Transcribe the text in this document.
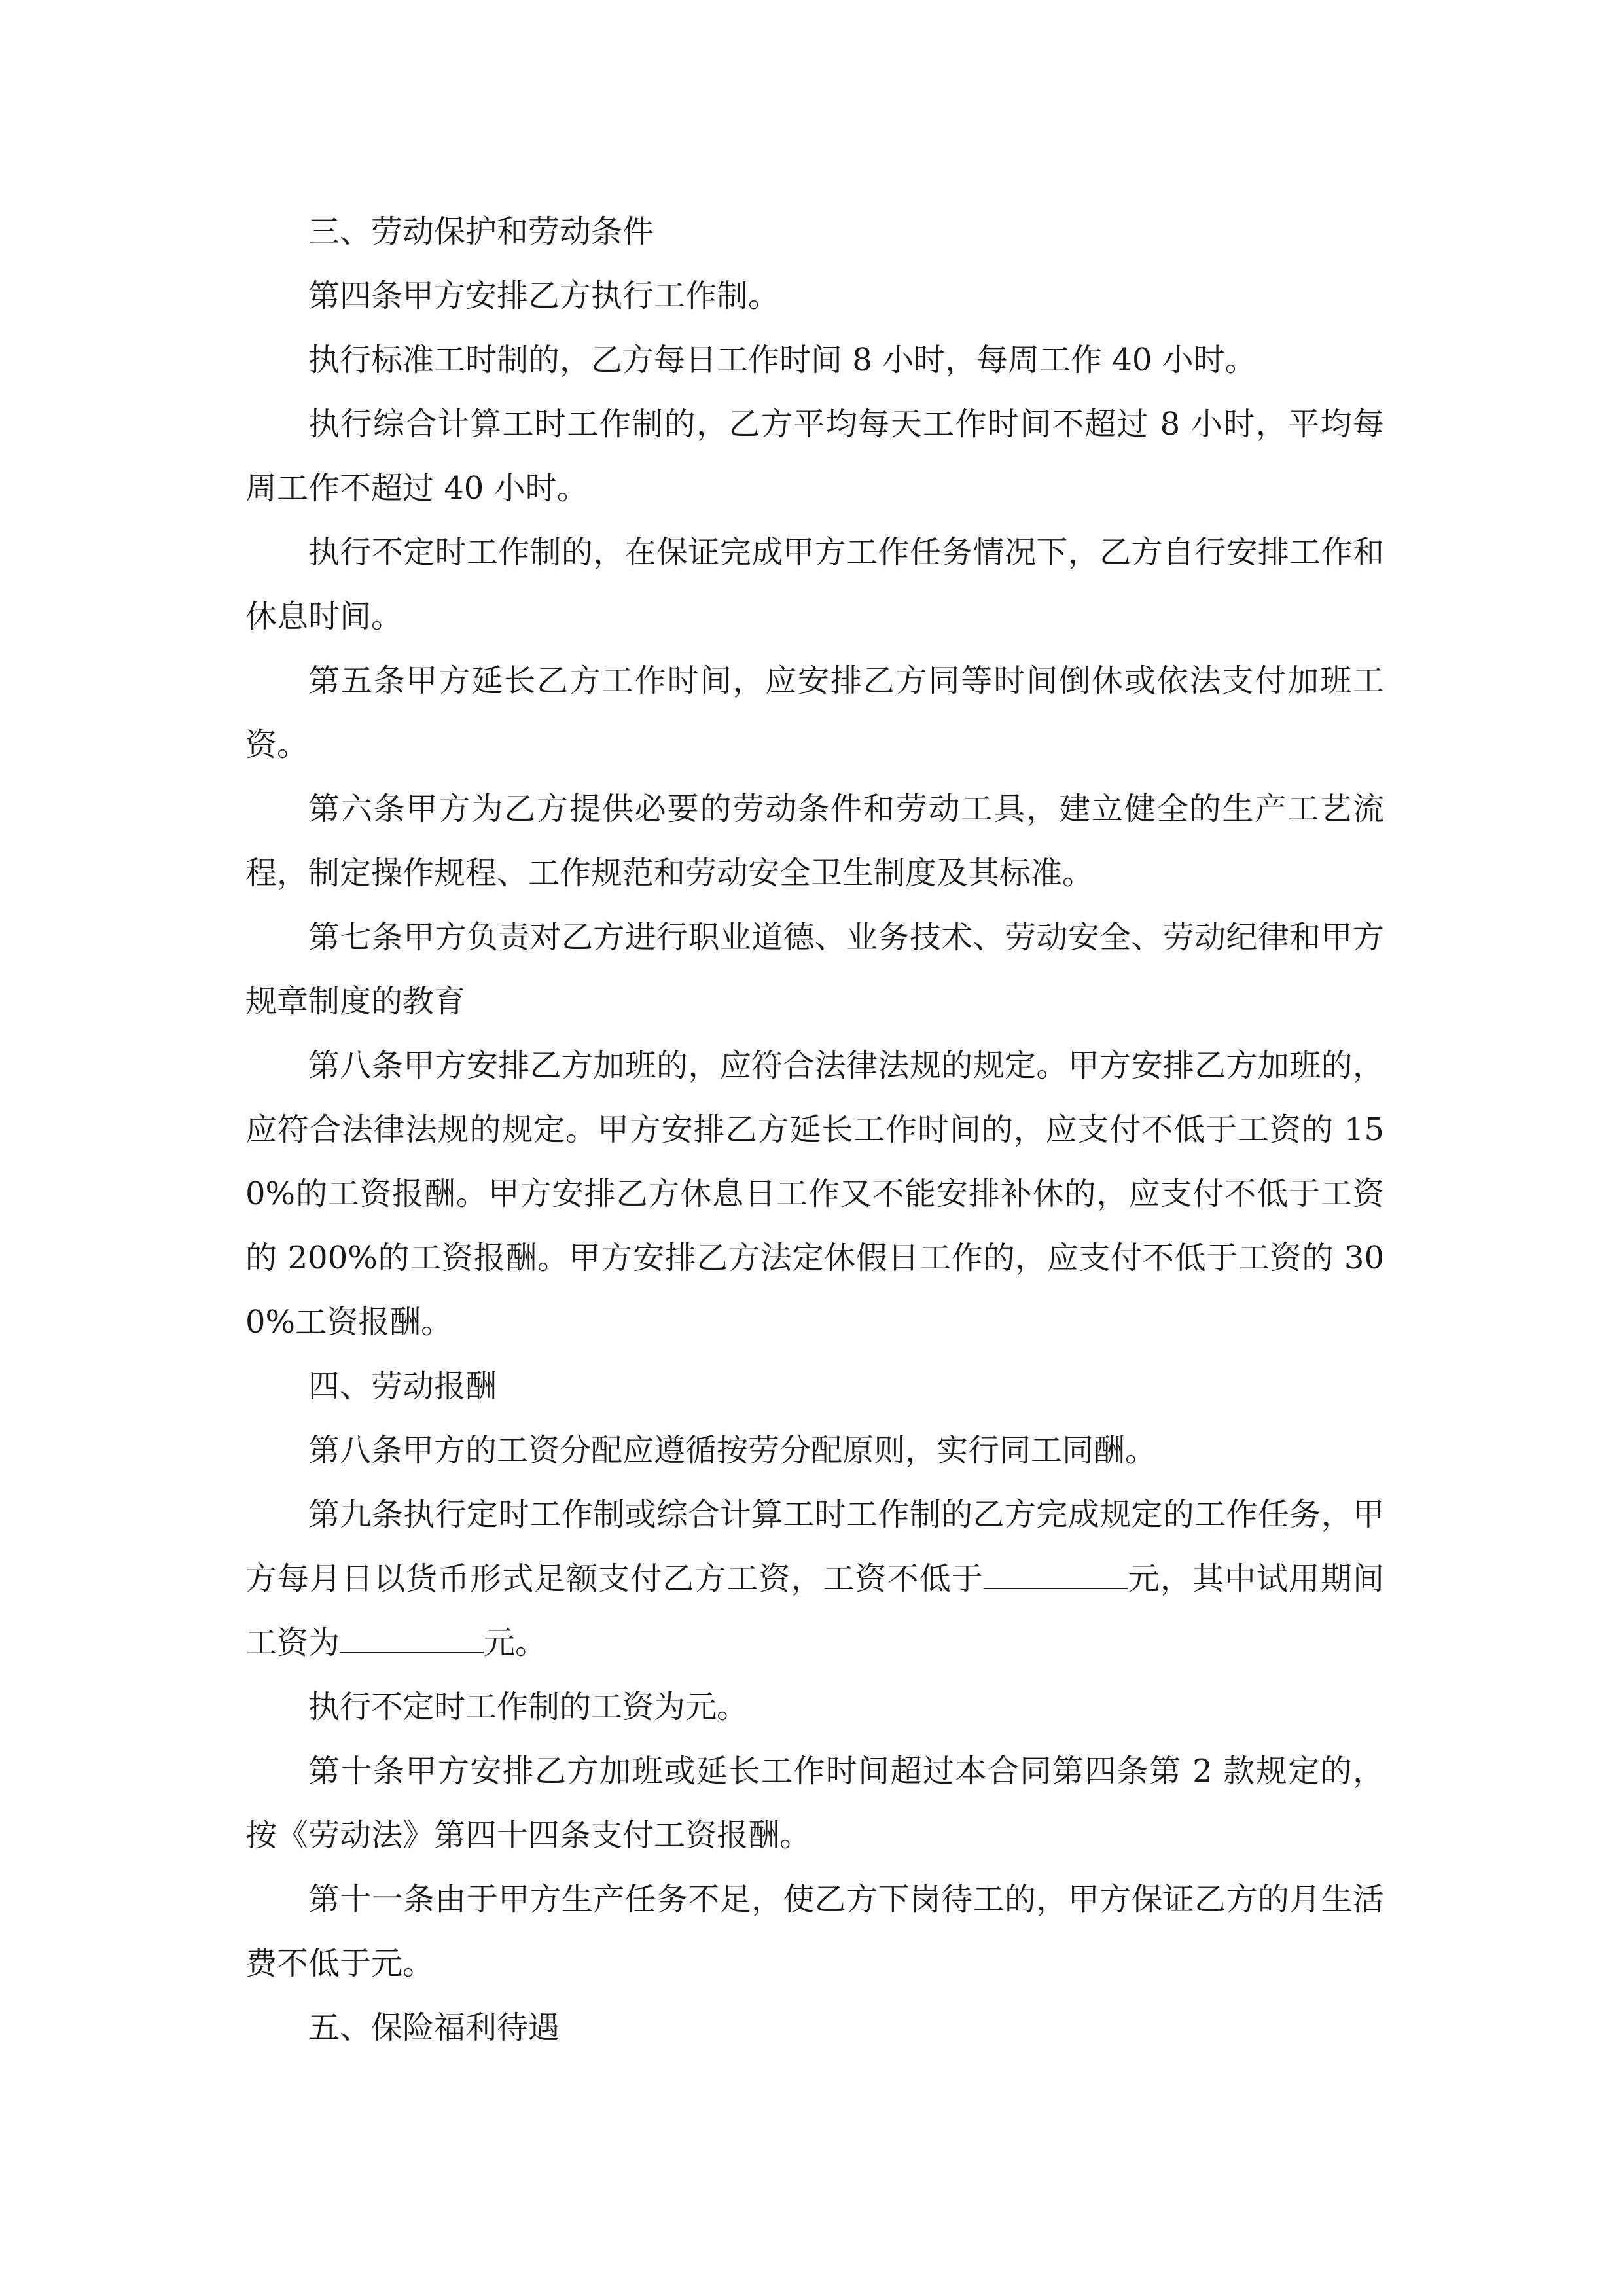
三、劳动保护和劳动条件

第四条甲方安排乙方执行工作制。

执行标准工时制的，乙方每日工作时间 8 小时，每周工作 40 小时。

执行综合计算工时工作制的，乙方平均每天工作时间不超过 8 小时，平均每周工作不超过 40 小时。

执行不定时工作制的，在保证完成甲方工作任务情况下，乙方自行安排工作和休息时间。

第五条甲方延长乙方工作时间，应安排乙方同等时间倒休或依法支付加班工资。

第六条甲方为乙方提供必要的劳动条件和劳动工具，建立健全的生产工艺流程，制定操作规程、工作规范和劳动安全卫生制度及其标准。

第七条甲方负责对乙方进行职业道德、业务技术、劳动安全、劳动纪律和甲方规章制度的教育

第八条甲方安排乙方加班的，应符合法律法规的规定。甲方安排乙方加班的，应符合法律法规的规定。甲方安排乙方延长工作时间的，应支付不低于工资的 150%的工资报酬。甲方安排乙方休息日工作又不能安排补休的，应支付不低于工资的 200%的工资报酬。甲方安排乙方法定休假日工作的，应支付不低于工资的 300%工资报酬。

四、劳动报酬

第八条甲方的工资分配应遵循按劳分配原则，实行同工同酬。

第九条执行定时工作制或综合计算工时工作制的乙方完成规定的工作任务，甲方每月日以货币形式足额支付乙方工资，工资不低于	元，其中试用期间工资为	元。

执行不定时工作制的工资为元。

第十条甲方安排乙方加班或延长工作时间超过本合同第四条第 2 款规定的，按《劳动法》第四十四条支付工资报酬。

第十一条由于甲方生产任务不足，使乙方下岗待工的，甲方保证乙方的月生活费不低于元。

五、保险福利待遇
